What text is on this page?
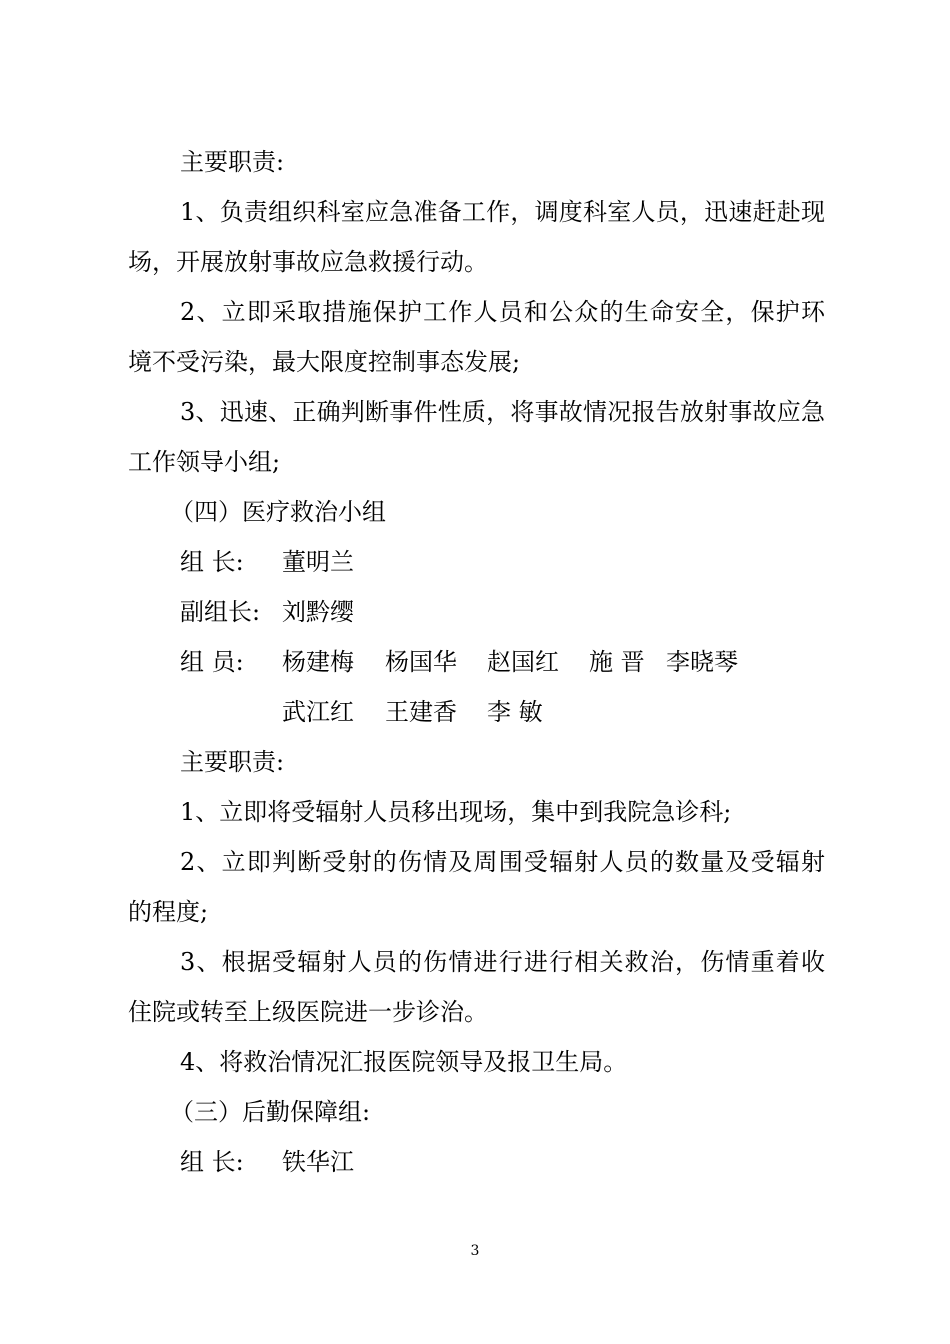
主要职责:
1、负责组织科室应急准备工作，调度科室人员，迅速赶赴现
场，开展放射事故应急救援行动。
2、立即采取措施保护工作人员和公众的生命安全，保护环
境不受污染，最大限度控制事态发展;
3、迅速、正确判断事件性质，将事故情况报告放射事故应急
工作领导小组;
（四）医疗救治小组
组 长: 董明兰
副组长: 刘黔缨
组 员: 杨建梅 杨国华 赵国红 施 晋 李晓琴
武江红 王建香 李 敏
主要职责:
1、立即将受辐射人员移出现场，集中到我院急诊科;
2、立即判断受射的伤情及周围受辐射人员的数量及受辐射
的程度;
3、根据受辐射人员的伤情进行进行相关救治，伤情重着收
住院或转至上级医院进一步诊治。
4、将救治情况汇报医院领导及报卫生局。
（三）后勤保障组:
组 长: 铁华江
3
